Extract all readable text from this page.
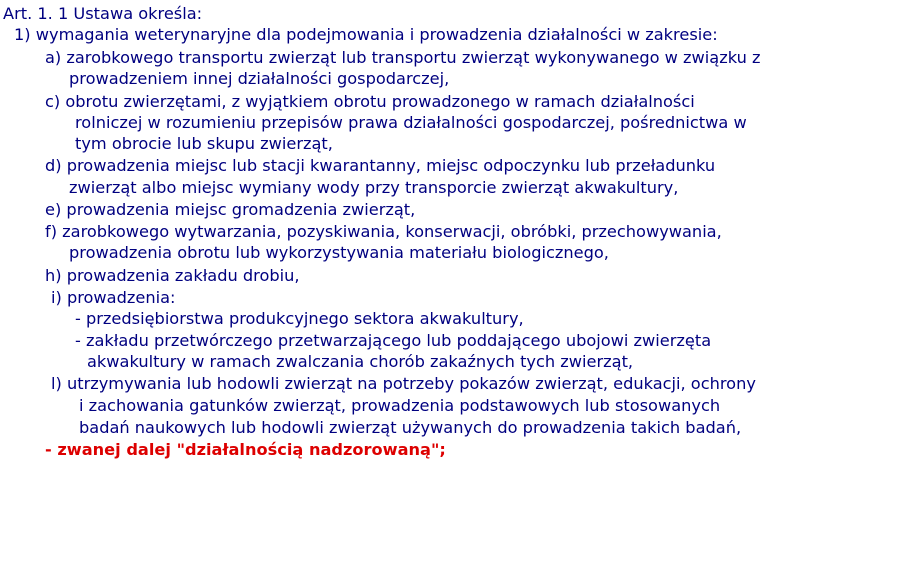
Art. 1. 1 Ustawa określa:
1) wymagania weterynaryjne dla podejmowania i prowadzenia działalności w zakresie:
a) zarobkowego transportu zwierząt lub transportu zwierząt wykonywanego w związku z
prowadzeniem innej działalności gospodarczej,
c) obrotu zwierzętami, z wyjątkiem obrotu prowadzonego w ramach działalności
rolniczej w rozumieniu przepisów prawa działalności gospodarczej, pośrednictwa w
tym obrocie lub skupu zwierząt,
d) prowadzenia miejsc lub stacji kwarantanny, miejsc odpoczynku lub przeładunku
zwierząt albo miejsc wymiany wody przy transporcie zwierząt akwakultury,
e) prowadzenia miejsc gromadzenia zwierząt,
f) zarobkowego wytwarzania, pozyskiwania, konserwacji, obróbki, przechowywania,
prowadzenia obrotu lub wykorzystywania materiału biologicznego,
h) prowadzenia zakładu drobiu,
i) prowadzenia:
- przedsiębiorstwa produkcyjnego sektora akwakultury,
- zakładu przetwórczego przetwarzającego lub poddającego ubojowi zwierzęta
akwakultury w ramach zwalczania chorób zakaźnych tych zwierząt,
l) utrzymywania lub hodowli zwierząt na potrzeby pokazów zwierząt, edukacji, ochrony
i zachowania gatunków zwierząt, prowadzenia podstawowych lub stosowanych
badań naukowych lub hodowli zwierząt używanych do prowadzenia takich badań,
- zwanej dalej "działalnością nadzorowaną";
